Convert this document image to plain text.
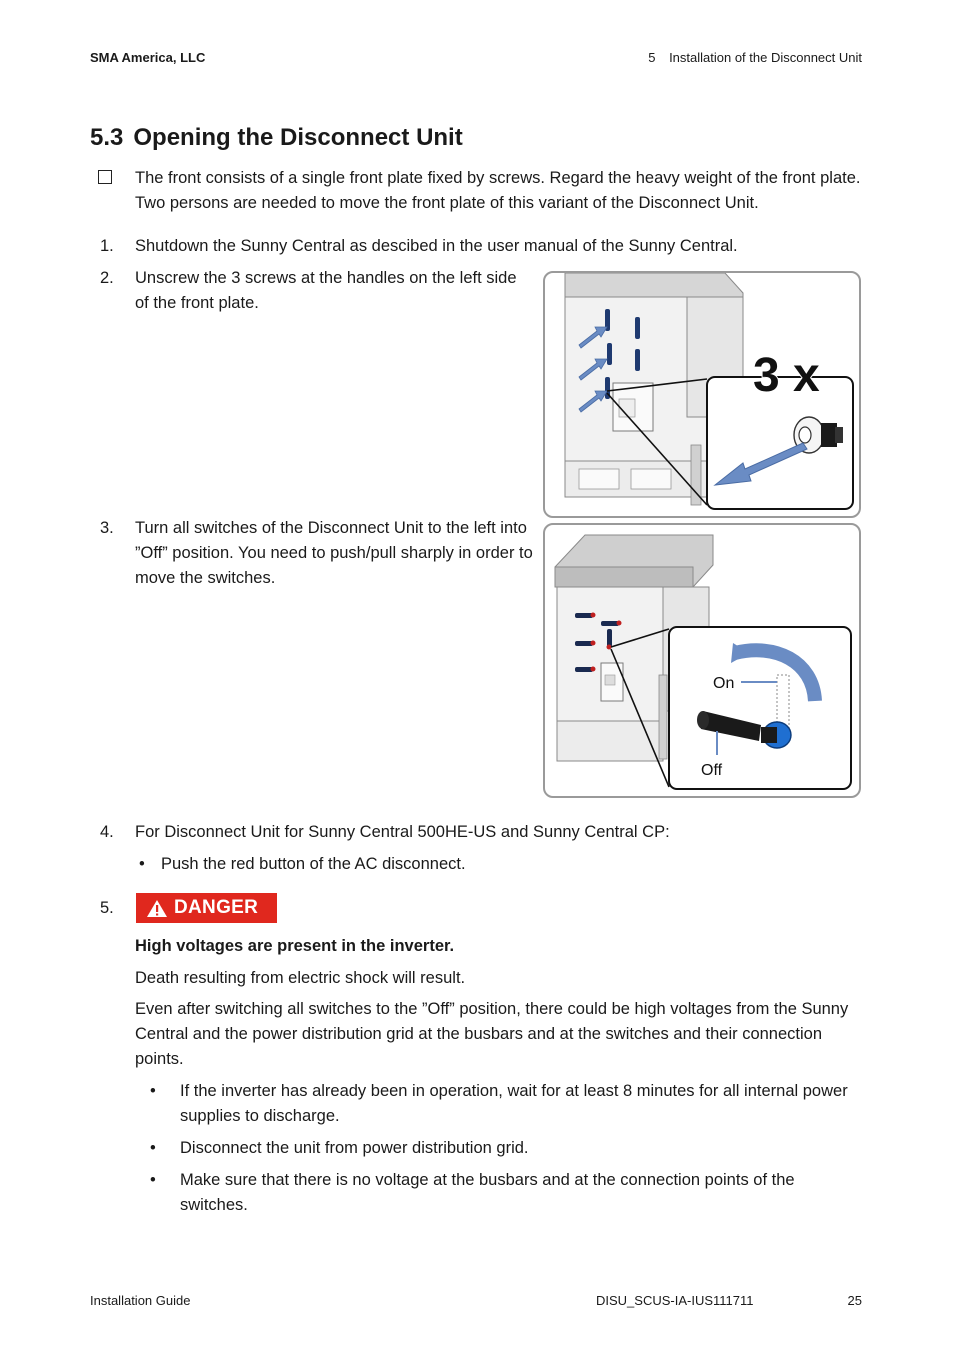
SMA America, LLC	5 Installation of the Disconnect Unit
5.3 Opening the Disconnect Unit
The front consists of a single front plate fixed by screws. Regard the heavy weight of the front plate. Two persons are needed to move the front plate of this variant of the Disconnect Unit.
1. Shutdown the Sunny Central as descibed in the user manual of the Sunny Central.
2. Unscrew the 3 screws at the handles on the left side of the front plate.
3 x
3. Turn all switches of the Disconnect Unit to the left into ”Off” position. You need to push/pull sharply in order to move the switches.
On
Off
4. For Disconnect Unit for Sunny Central 500HE-US and Sunny Central CP:
• Push the red button of the AC disconnect.
5.	DANGER
High voltages are present in the inverter.
Death resulting from electric shock will result.
Even after switching all switches to the ”Off” position, there could be high voltages from the Sunny Central and the power distribution grid at the busbars and at the switches and their connection points.
• If the inverter has already been in operation, wait for at least 8 minutes for all internal power supplies to discharge.
• Disconnect the unit from power distribution grid.
• Make sure that there is no voltage at the busbars and at the connection points of the switches.
Installation Guide	DISU_SCUS-IA-IUS111711	25
